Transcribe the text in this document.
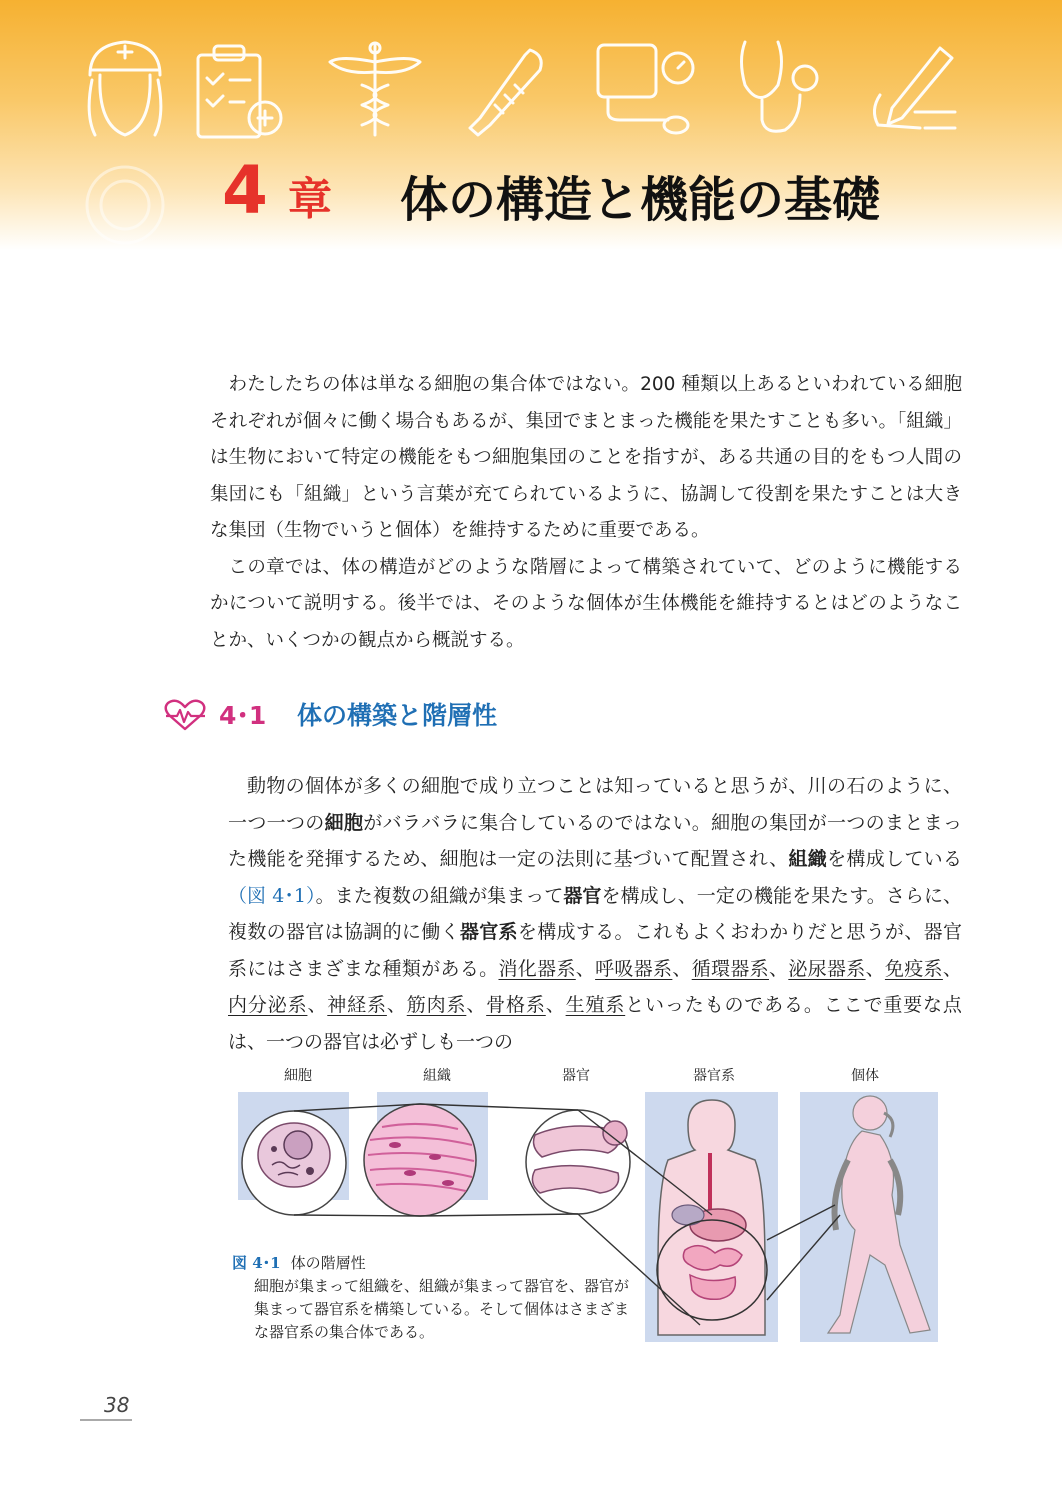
4 章 体の構造と機能の基礎

わたしたちの体は単なる細胞の集合体ではない。200 種類以上あるといわれている細胞それぞれが個々に働く場合もあるが、集団でまとまった機能を果たすことも多い。「組織」は生物において特定の機能をもつ細胞集団のことを指すが、ある共通の目的をもつ人間の集団にも「組織」という言葉が充てられているように、協調して役割を果たすことは大きな集団（生物でいうと個体）を維持するために重要である。

この章では、体の構造がどのような階層によって構築されていて、どのように機能するかについて説明する。後半では、そのような個体が生体機能を維持するとはどのようなことか、いくつかの観点から概説する。

4･1 体の構築と階層性

動物の個体が多くの細胞で成り立つことは知っていると思うが、川の石のように、一つ一つの細胞がバラバラに集合しているのではない。細胞の集団が一つのまとまった機能を発揮するため、細胞は一定の法則に基づいて配置され、組織を構成している（図 4･1）。また複数の組織が集まって器官を構成し、一定の機能を果たす。さらに、複数の器官は協調的に働く器官系を構成する。これもよくおわかりだと思うが、器官系にはさまざまな種類がある。消化器系、呼吸器系、循環器系、泌尿器系、免疫系、内分泌系、神経系、筋肉系、骨格系、生殖系といったものである。ここで重要な点は、一つの器官は必ずしも一つの

細胞	組織	器官	器官系	個体
図 4･1 体の階層性
細胞が集まって組織を、組織が集まって器官を、器官が集まって器官系を構築している。そして個体はさまざまな器官系の集合体である。
38
